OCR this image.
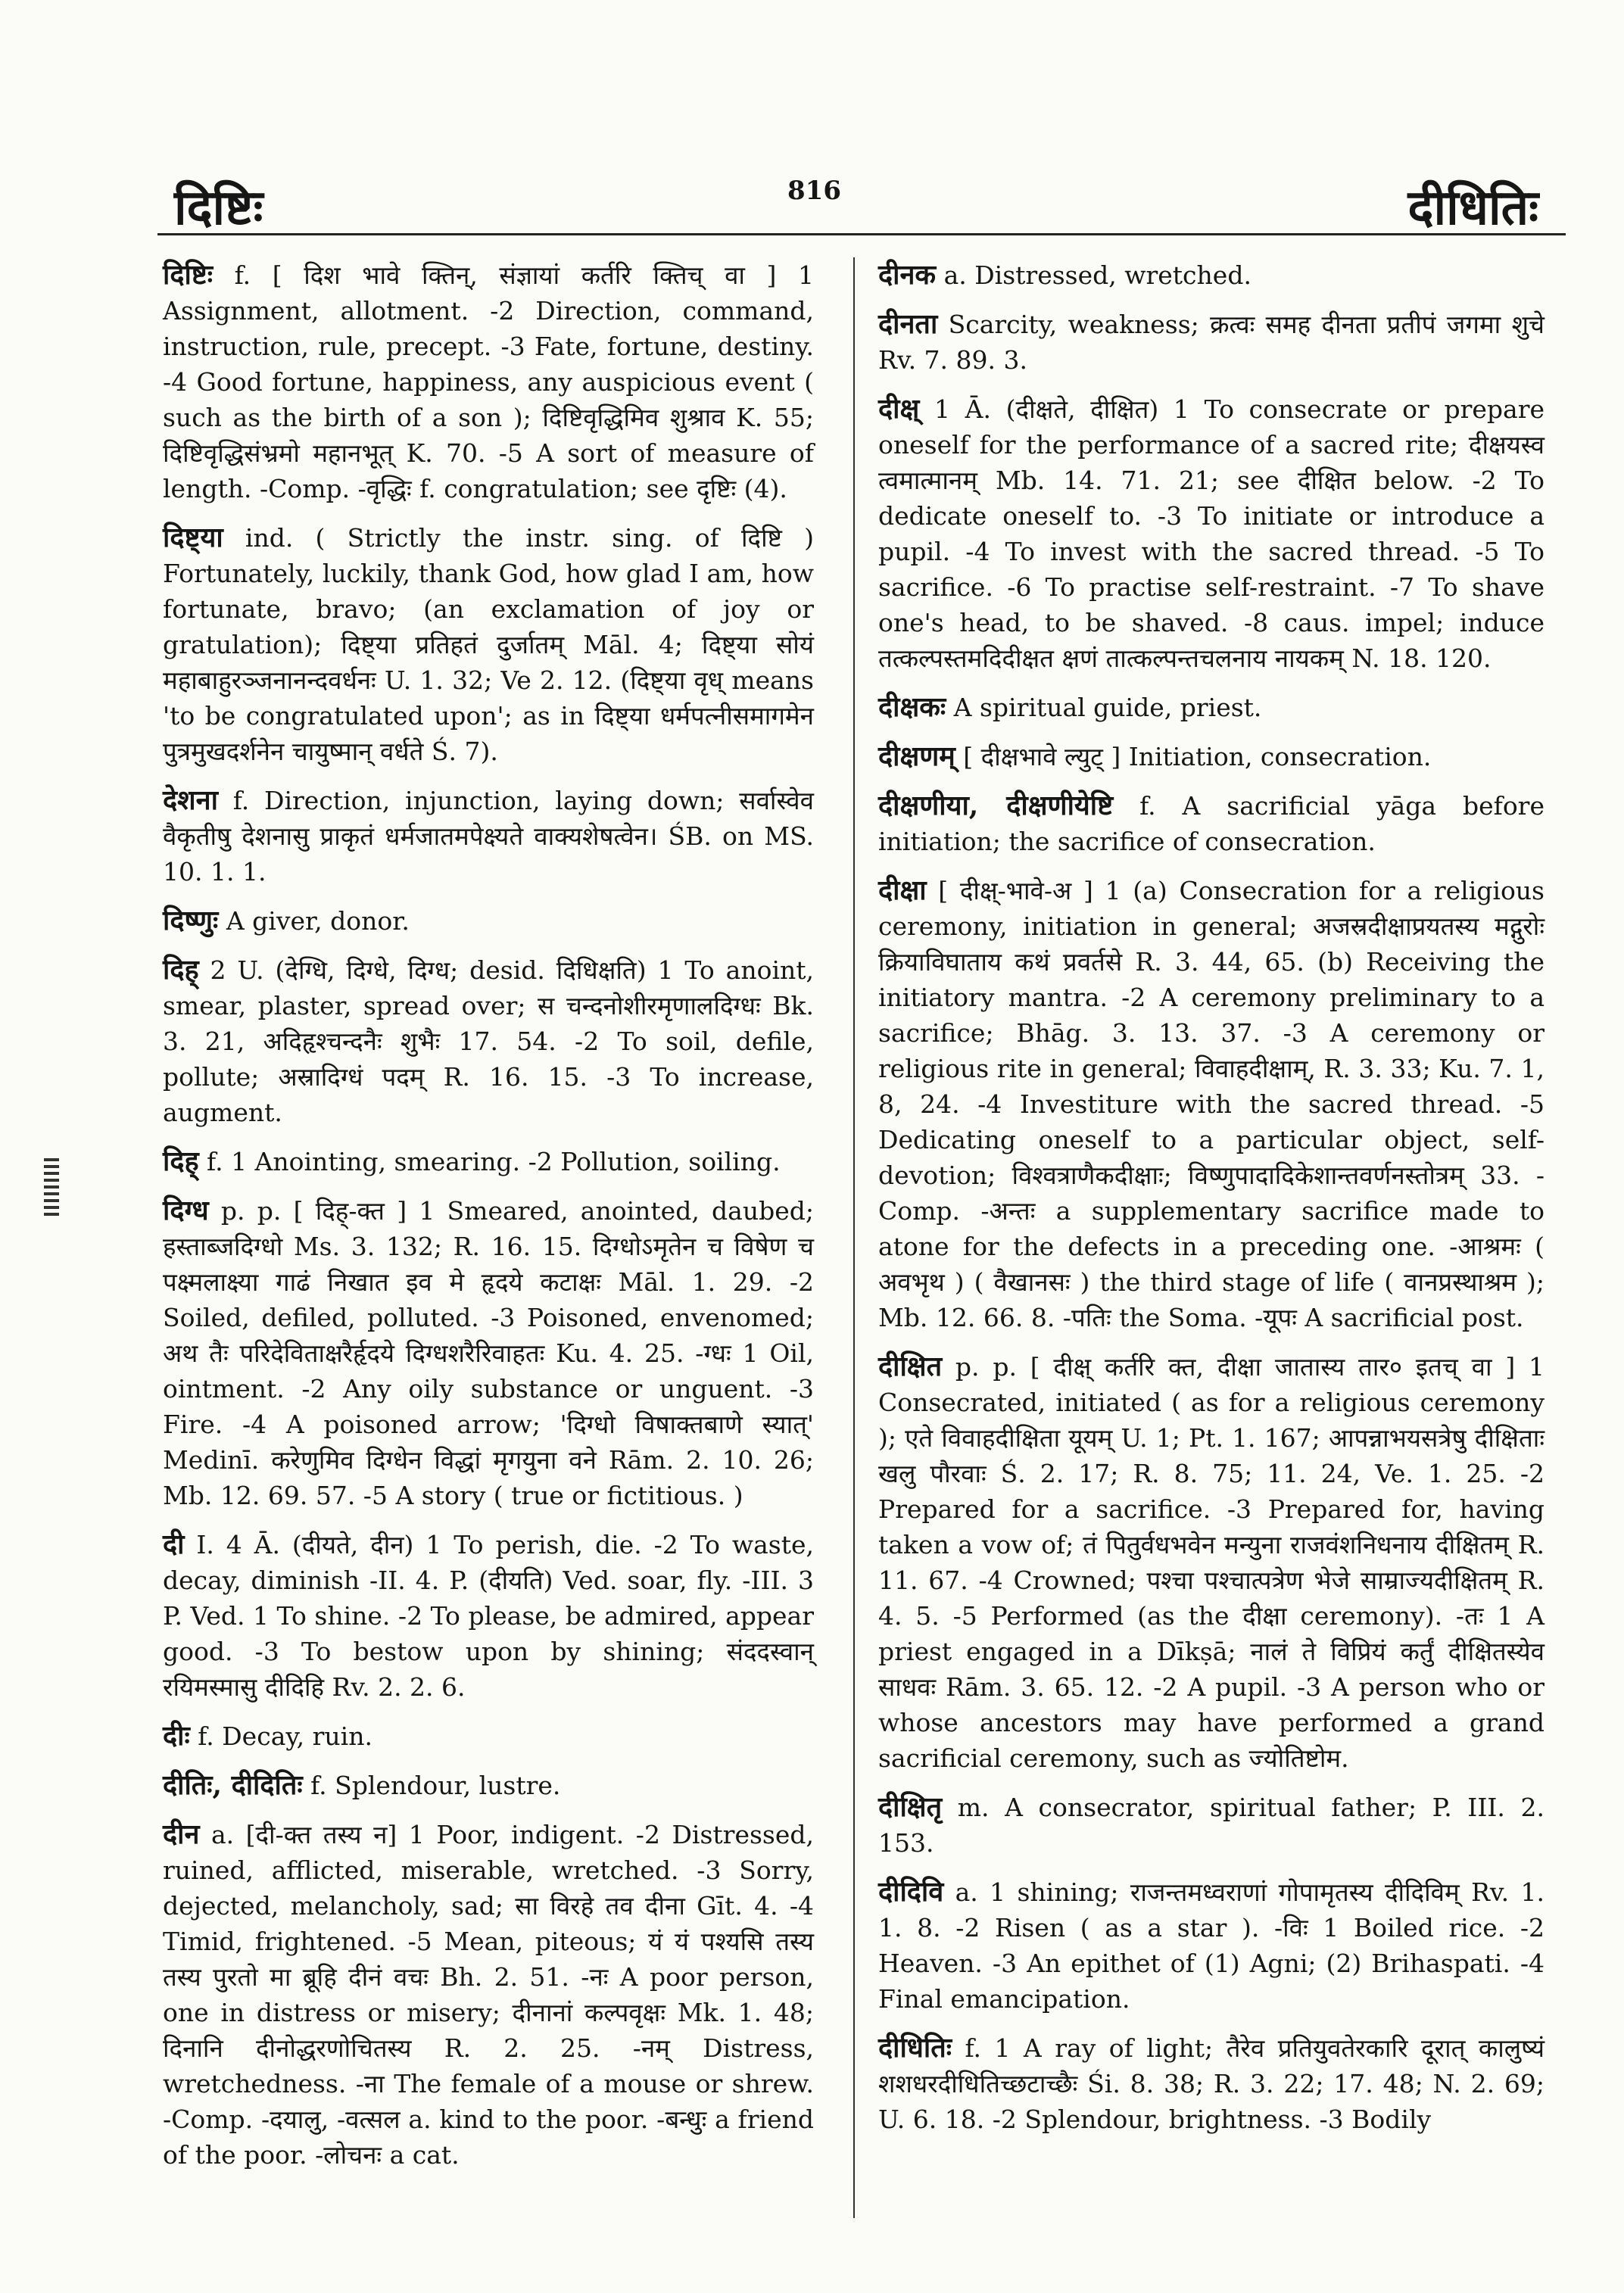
दिष्टिः	816	दीधितिः

दिष्टिः f. [ दिश भावे क्तिन्, संज्ञायां कर्तरि क्तिच् वा ] 1 Assignment, allotment. -2 Direction, command, instruction, rule, precept. -3 Fate, fortune, destiny. -4 Good fortune, happiness, any auspicious event ( such as the birth of a son ); दिष्टिवृद्धिमिव शुश्राव K. 55; दिष्टिवृद्धिसंभ्रमो महानभूत् K. 70. -5 A sort of measure of length. -Comp. -वृद्धिः f. congratulation; see दृष्टिः (4).

दिष्ट्या ind. ( Strictly the instr. sing. of दिष्टि ) Fortunately, luckily, thank God, how glad I am, how fortunate, bravo; (an exclamation of joy or gratulation); दिष्ट्या प्रतिहतं दुर्जातम् Māl. 4; दिष्ट्या सोयं महाबाहुरञ्जनानन्दवर्धनः U. 1. 32; Ve 2. 12. (दिष्ट्या वृध् means 'to be congratulated upon'; as in दिष्ट्या धर्मपत्नीसमागमेन पुत्रमुखदर्शनेन चायुष्मान् वर्धते Ś. 7).

देशना f. Direction, injunction, laying down; सर्वास्वेव वैकृतीषु देशनासु प्राकृतं धर्मजातमपेक्ष्यते वाक्यशेषत्वेन। ŚB. on MS. 10. 1. 1.

दिष्णुः A giver, donor.

दिह् 2 U. (देग्धि, दिग्धे, दिग्ध; desid. दिधिक्षति) 1 To anoint, smear, plaster, spread over; स चन्दनोशीरमृणालदिग्धः Bk. 3. 21, अदिहृश्चन्दनैः शुभैः 17. 54. -2 To soil, defile, pollute; अस्रादिग्धं पदम् R. 16. 15. -3 To increase, augment.

दिह् f. 1 Anointing, smearing. -2 Pollution, soiling.

दिग्ध p. p. [ दिह्-क्त ] 1 Smeared, anointed, daubed; हस्ताब्जदिग्धो Ms. 3. 132; R. 16. 15. दिग्धोऽमृतेन च विषेण च पक्ष्मलाक्ष्या गाढं निखात इव मे हृदये कटाक्षः Māl. 1. 29. -2 Soiled, defiled, polluted. -3 Poisoned, envenomed; अथ तैः परिदेविताक्षरैर्हृदये दिग्धशरैरिवाहतः Ku. 4. 25. -ग्धः 1 Oil, ointment. -2 Any oily substance or unguent. -3 Fire. -4 A poisoned arrow; 'दिग्धो विषाक्तबाणे स्यात्' Medinī. करेणुमिव दिग्धेन विद्धां मृगयुना वने Rām. 2. 10. 26; Mb. 12. 69. 57. -5 A story ( true or fictitious. )

दी I. 4 Ā. (दीयते, दीन) 1 To perish, die. -2 To waste, decay, diminish -II. 4. P. (दीयति) Ved. soar, fly. -III. 3 P. Ved. 1 To shine. -2 To please, be admired, appear good. -3 To bestow upon by shining; संददस्वान् रयिमस्मासु दीदिहि Rv. 2. 2. 6.

दीः f. Decay, ruin.

दीतिः, दीदितिः f. Splendour, lustre.

दीन a. [दी-क्त तस्य न] 1 Poor, indigent. -2 Distressed, ruined, afflicted, miserable, wretched. -3 Sorry, dejected, melancholy, sad; सा विरहे तव दीना Gīt. 4. -4 Timid, frightened. -5 Mean, piteous; यं यं पश्यसि तस्य तस्य पुरतो मा ब्रूहि दीनं वचः Bh. 2. 51. -नः A poor person, one in distress or misery; दीनानां कल्पवृक्षः Mk. 1. 48; दिनानि दीनोद्धरणोचितस्य R. 2. 25. -नम् Distress, wretchedness. -ना The female of a mouse or shrew. -Comp. -दयालु, -वत्सल a. kind to the poor. -बन्धुः a friend of the poor. -लोचनः a cat.

दीनक a. Distressed, wretched.

दीनता Scarcity, weakness; क्रत्वः समह दीनता प्रतीपं जगमा शुचे Rv. 7. 89. 3.

दीक्ष् 1 Ā. (दीक्षते, दीक्षित) 1 To consecrate or prepare oneself for the performance of a sacred rite; दीक्षयस्व त्वमात्मानम् Mb. 14. 71. 21; see दीक्षित below. -2 To dedicate oneself to. -3 To initiate or introduce a pupil. -4 To invest with the sacred thread. -5 To sacrifice. -6 To practise self-restraint. -7 To shave one's head, to be shaved. -8 caus. impel; induce तत्कल्पस्तमदिदीक्षत क्षणं तात्कल्पन्तचलनाय नायकम् N. 18. 120.

दीक्षकः A spiritual guide, priest.

दीक्षणम् [ दीक्षभावे ल्युट् ] Initiation, consecration.

दीक्षणीया, दीक्षणीयेष्टि f. A sacrificial yāga before initiation; the sacrifice of consecration.

दीक्षा [ दीक्ष्-भावे-अ ] 1 (a) Consecration for a religious ceremony, initiation in general; अजस्रदीक्षाप्रयतस्य मद्गुरोः क्रियाविघाताय कथं प्रवर्तसे R. 3. 44, 65. (b) Receiving the initiatory mantra. -2 A ceremony preliminary to a sacrifice; Bhāg. 3. 13. 37. -3 A ceremony or religious rite in general; विवाहदीक्षाम्, R. 3. 33; Ku. 7. 1, 8, 24. -4 Investiture with the sacred thread. -5 Dedicating oneself to a particular object, self-devotion; विश्वत्राणैकदीक्षाः; विष्णुपादादिकेशान्तवर्णनस्तोत्रम् 33. -Comp. -अन्तः a supplementary sacrifice made to atone for the defects in a preceding one. -आश्रमः ( अवभृथ ) ( वैखानसः ) the third stage of life ( वानप्रस्थाश्रम ); Mb. 12. 66. 8. -पतिः the Soma. -यूपः A sacrificial post.

दीक्षित p. p. [ दीक्ष् कर्तरि क्त, दीक्षा जातास्य तार० इतच् वा ] 1 Consecrated, initiated ( as for a religious ceremony ); एते विवाहदीक्षिता यूयम् U. 1; Pt. 1. 167; आपन्नाभयसत्रेषु दीक्षिताः खलु पौरवाः Ś. 2. 17; R. 8. 75; 11. 24, Ve. 1. 25. -2 Prepared for a sacrifice. -3 Prepared for, having taken a vow of; तं पितुर्वधभवेन मन्युना राजवंशनिधनाय दीक्षितम् R. 11. 67. -4 Crowned; पश्चा पश्चात्पत्रेण भेजे साम्राज्यदीक्षितम् R. 4. 5. -5 Performed (as the दीक्षा ceremony). -तः 1 A priest engaged in a Dīkṣā; नालं ते विप्रियं कर्तुं दीक्षितस्येव साधवः Rām. 3. 65. 12. -2 A pupil. -3 A person who or whose ancestors may have performed a grand sacrificial ceremony, such as ज्योतिष्टोम.

दीक्षितृ m. A consecrator, spiritual father; P. III. 2. 153.

दीदिवि a. 1 shining; राजन्तमध्वराणां गोपामृतस्य दीदिविम् Rv. 1. 1. 8. -2 Risen ( as a star ). -विः 1 Boiled rice. -2 Heaven. -3 An epithet of (1) Agni; (2) Brihaspati. -4 Final emancipation.

दीधितिः f. 1 A ray of light; तैरेव प्रतियुवतेरकारि दूरात् कालुष्यं शशधरदीधितिच्छटाच्छैः Śi. 8. 38; R. 3. 22; 17. 48; N. 2. 69; U. 6. 18. -2 Splendour, brightness. -3 Bodily
